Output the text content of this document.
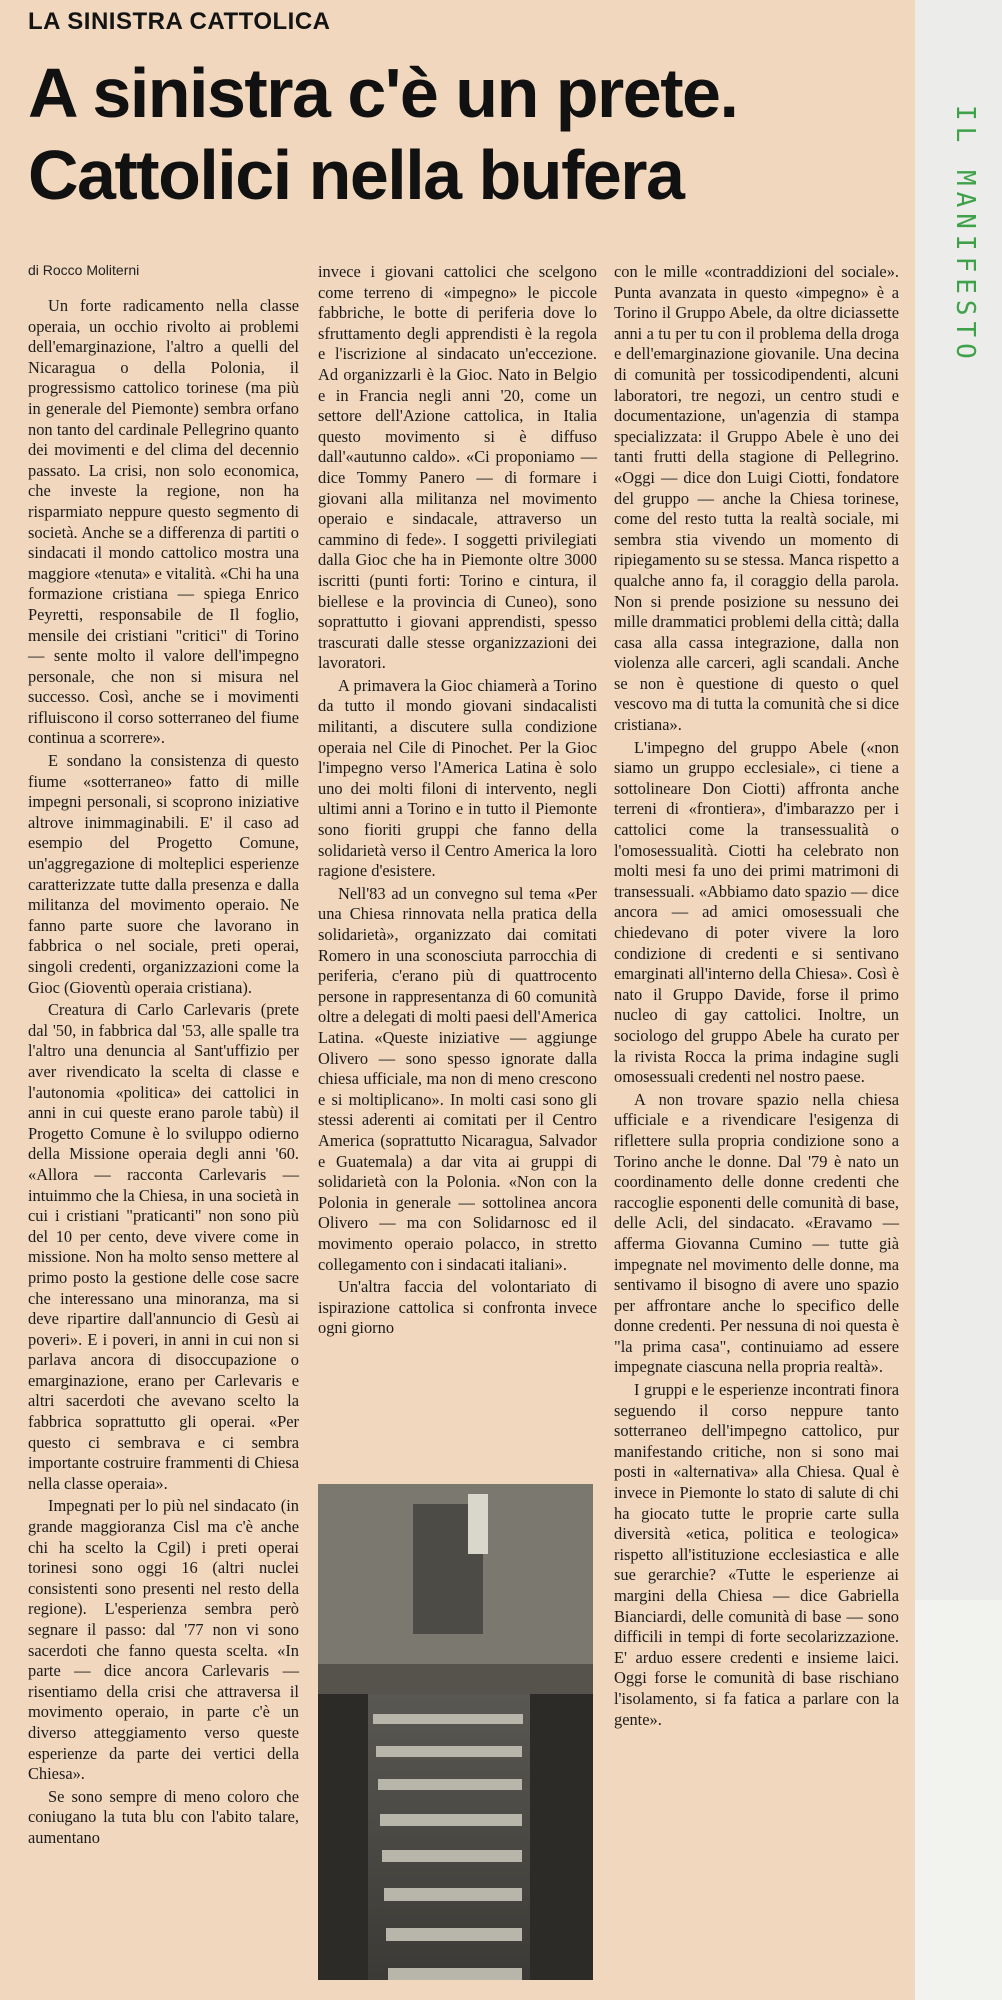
LA SINISTRA CATTOLICA
A sinistra c'è un prete.
Cattolici nella bufera
di Rocco Moliterni

Un forte radicamento nella classe operaia, un occhio rivolto ai problemi dell'emarginazione, l'altro a quelli del Nicaragua o della Polonia, il progressismo cattolico torinese (ma più in generale del Piemonte) sembra orfano non tanto del cardinale Pellegrino quanto dei movimenti e del clima del decennio passato. La crisi, non solo economica, che investe la regione, non ha risparmiato neppure questo segmento di società. Anche se a differenza di partiti o sindacati il mondo cattolico mostra una maggiore «tenuta» e vitalità. «Chi ha una formazione cristiana — spiega Enrico Peyretti, responsabile de Il foglio, mensile dei cristiani "critici" di Torino — sente molto il valore dell'impegno personale, che non si misura nel successo. Così, anche se i movimenti rifluiscono il corso sotterraneo del fiume continua a scorrere».

E sondano la consistenza di questo fiume «sotterraneo» fatto di mille impegni personali, si scoprono iniziative altrove inimmaginabili. E' il caso ad esempio del Progetto Comune, un'aggregazione di molteplici esperienze caratterizzate tutte dalla presenza e dalla militanza del movimento operaio. Ne fanno parte suore che lavorano in fabbrica o nel sociale, preti operai, singoli credenti, organizzazioni come la Gioc (Gioventù operaia cristiana).

Creatura di Carlo Carlevaris (prete dal '50, in fabbrica dal '53, alle spalle tra l'altro una denuncia al Sant'uffizio per aver rivendicato la scelta di classe e l'autonomia «politica» dei cattolici in anni in cui queste erano parole tabù) il Progetto Comune è lo sviluppo odierno della Missione operaia degli anni '60. «Allora — racconta Carlevaris — intuimmo che la Chiesa, in una società in cui i cristiani "praticanti" non sono più del 10 per cento, deve vivere come in missione. Non ha molto senso mettere al primo posto la gestione delle cose sacre che interessano una minoranza, ma si deve ripartire dall'annuncio di Gesù ai poveri». E i poveri, in anni in cui non si parlava ancora di disoccupazione o emarginazione, erano per Carlevaris e altri sacerdoti che avevano scelto la fabbrica soprattutto gli operai. «Per questo ci sembrava e ci sembra importante costruire frammenti di Chiesa nella classe operaia».

Impegnati per lo più nel sindacato (in grande maggioranza Cisl ma c'è anche chi ha scelto la Cgil) i preti operai torinesi sono oggi 16 (altri nuclei consistenti sono presenti nel resto della regione). L'esperienza sembra però segnare il passo: dal '77 non vi sono sacerdoti che fanno questa scelta. «In parte — dice ancora Carlevaris — risentiamo della crisi che attraversa il movimento operaio, in parte c'è un diverso atteggiamento verso queste esperienze da parte dei vertici della Chiesa».

Se sono sempre di meno coloro che coniugano la tuta blu con l'abito talare, aumentano

invece i giovani cattolici che scelgono come terreno di «impegno» le piccole fabbriche, le botte di periferia dove lo sfruttamento degli apprendisti è la regola e l'iscrizione al sindacato un'eccezione. Ad organizzarli è la Gioc. Nato in Belgio e in Francia negli anni '20, come un settore dell'Azione cattolica, in Italia questo movimento si è diffuso dall'«autunno caldo». «Ci proponiamo — dice Tommy Panero — di formare i giovani alla militanza nel movimento operaio e sindacale, attraverso un cammino di fede». I soggetti privilegiati dalla Gioc che ha in Piemonte oltre 3000 iscritti (punti forti: Torino e cintura, il biellese e la provincia di Cuneo), sono soprattutto i giovani apprendisti, spesso trascurati dalle stesse organizzazioni dei lavoratori.

A primavera la Gioc chiamerà a Torino da tutto il mondo giovani sindacalisti militanti, a discutere sulla condizione operaia nel Cile di Pinochet. Per la Gioc l'impegno verso l'America Latina è solo uno dei molti filoni di intervento, negli ultimi anni a Torino e in tutto il Piemonte sono fioriti gruppi che fanno della solidarietà verso il Centro America la loro ragione d'esistere.

Nell'83 ad un convegno sul tema «Per una Chiesa rinnovata nella pratica della solidarietà», organizzato dai comitati Romero in una sconosciuta parrocchia di periferia, c'erano più di quattrocento persone in rappresentanza di 60 comunità oltre a delegati di molti paesi dell'America Latina. «Queste iniziative — aggiunge Olivero — sono spesso ignorate dalla chiesa ufficiale, ma non di meno crescono e si moltiplicano». In molti casi sono gli stessi aderenti ai comitati per il Centro America (soprattutto Nicaragua, Salvador e Guatemala) a dar vita ai gruppi di solidarietà con la Polonia. «Non con la Polonia in generale — sottolinea ancora Olivero — ma con Solidarnosc ed il movimento operaio polacco, in stretto collegamento con i sindacati italiani».

Un'altra faccia del volontariato di ispirazione cattolica si confronta invece ogni giorno

con le mille «contraddizioni del sociale». Punta avanzata in questo «impegno» è a Torino il Gruppo Abele, da oltre diciassette anni a tu per tu con il problema della droga e dell'emarginazione giovanile. Una decina di comunità per tossicodipendenti, alcuni laboratori, tre negozi, un centro studi e documentazione, un'agenzia di stampa specializzata: il Gruppo Abele è uno dei tanti frutti della stagione di Pellegrino. «Oggi — dice don Luigi Ciotti, fondatore del gruppo — anche la Chiesa torinese, come del resto tutta la realtà sociale, mi sembra stia vivendo un momento di ripiegamento su se stessa. Manca rispetto a qualche anno fa, il coraggio della parola. Non si prende posizione su nessuno dei mille drammatici problemi della città; dalla casa alla cassa integrazione, dalla non violenza alle carceri, agli scandali. Anche se non è questione di questo o quel vescovo ma di tutta la comunità che si dice cristiana».

L'impegno del gruppo Abele («non siamo un gruppo ecclesiale», ci tiene a sottolineare Don Ciotti) affronta anche terreni di «frontiera», d'imbarazzo per i cattolici come la transessualità o l'omosessualità. Ciotti ha celebrato non molti mesi fa uno dei primi matrimoni di transessuali. «Abbiamo dato spazio — dice ancora — ad amici omosessuali che chiedevano di poter vivere la loro condizione di credenti e si sentivano emarginati all'interno della Chiesa». Così è nato il Gruppo Davide, forse il primo nucleo di gay cattolici. Inoltre, un sociologo del gruppo Abele ha curato per la rivista Rocca la prima indagine sugli omosessuali credenti nel nostro paese.

A non trovare spazio nella chiesa ufficiale e a rivendicare l'esigenza di riflettere sulla propria condizione sono a Torino anche le donne. Dal '79 è nato un coordinamento delle donne credenti che raccoglie esponenti delle comunità di base, delle Acli, del sindacato. «Eravamo — afferma Giovanna Cumino — tutte già impegnate nel movimento delle donne, ma sentivamo il bisogno di avere uno spazio per affrontare anche lo specifico delle donne credenti. Per nessuna di noi questa è "la prima casa", continuiamo ad essere impegnate ciascuna nella propria realtà».

I gruppi e le esperienze incontrati finora seguendo il corso neppure tanto sotterraneo dell'impegno cattolico, pur manifestando critiche, non si sono mai posti in «alternativa» alla Chiesa. Qual è invece in Piemonte lo stato di salute di chi ha giocato tutte le proprie carte sulla diversità «etica, politica e teologica» rispetto all'istituzione ecclesiastica e alle sue gerarchie? «Tutte le esperienze ai margini della Chiesa — dice Gabriella Bianciardi, delle comunità di base — sono difficili in tempi di forte secolarizzazione. E' arduo essere credenti e insieme laici. Oggi forse le comunità di base rischiano l'isolamento, si fa fatica a parlare con la gente».

IL MANIFESTO
